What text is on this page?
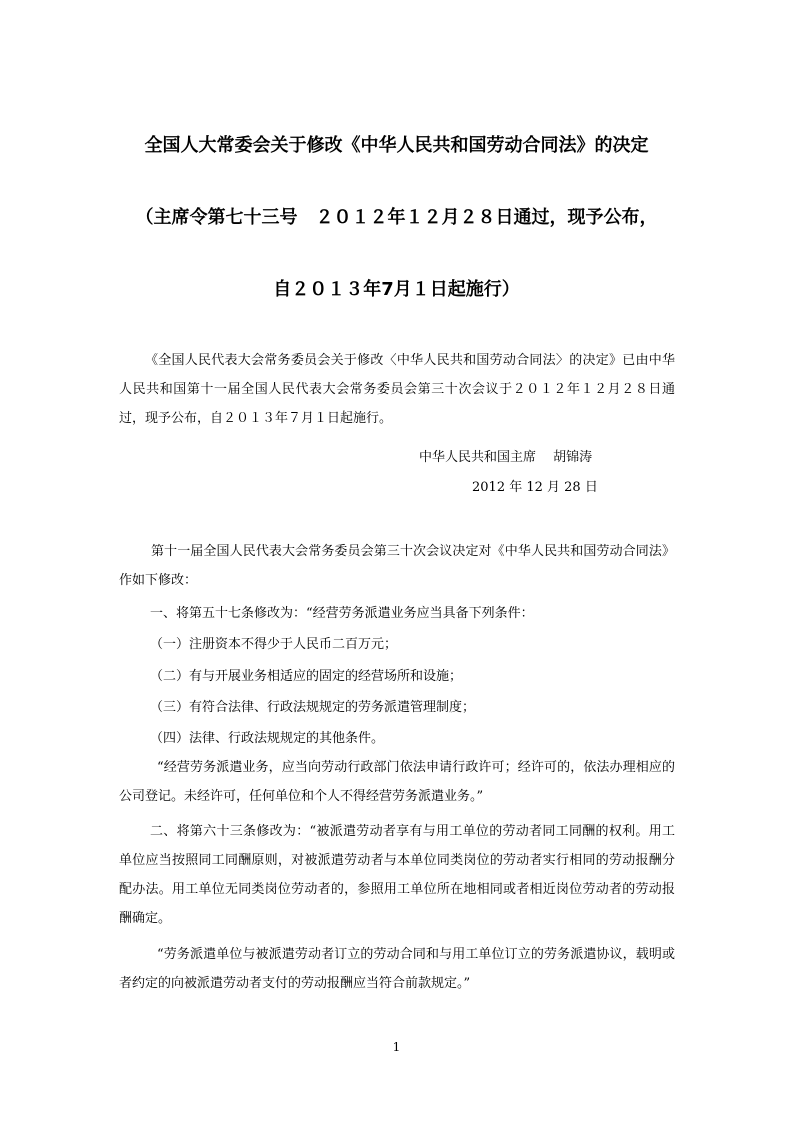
全国人大常委会关于修改《中华人民共和国劳动合同法》的决定
（主席令第七十三号　２０１２年１２月２８日通过，现予公布，
自２０１３年7月１日起施行）
《全国人民代表大会常务委员会关于修改〈中华人民共和国劳动合同法〉的决定》已由中华人民共和国第十一届全国人民代表大会常务委员会第三十次会议于２０１２年１２月２８日通过，现予公布，自２０１３年７月１日起施行。
中华人民共和国主席　 胡锦涛
2012 年 12 月 28 日
第十一届全国人民代表大会常务委员会第三十次会议决定对《中华人民共和国劳动合同法》作如下修改：
一、将第五十七条修改为：“经营劳务派遣业务应当具备下列条件：
（一）注册资本不得少于人民币二百万元；
（二）有与开展业务相适应的固定的经营场所和设施；
（三）有符合法律、行政法规规定的劳务派遣管理制度；
（四）法律、行政法规规定的其他条件。
“经营劳务派遣业务，应当向劳动行政部门依法申请行政许可；经许可的，依法办理相应的公司登记。未经许可，任何单位和个人不得经营劳务派遣业务。”
二、将第六十三条修改为：“被派遣劳动者享有与用工单位的劳动者同工同酬的权利。用工单位应当按照同工同酬原则，对被派遣劳动者与本单位同类岗位的劳动者实行相同的劳动报酬分配办法。用工单位无同类岗位劳动者的，参照用工单位所在地相同或者相近岗位劳动者的劳动报酬确定。
“劳务派遣单位与被派遣劳动者订立的劳动合同和与用工单位订立的劳务派遣协议，载明或者约定的向被派遣劳动者支付的劳动报酬应当符合前款规定。”
1
